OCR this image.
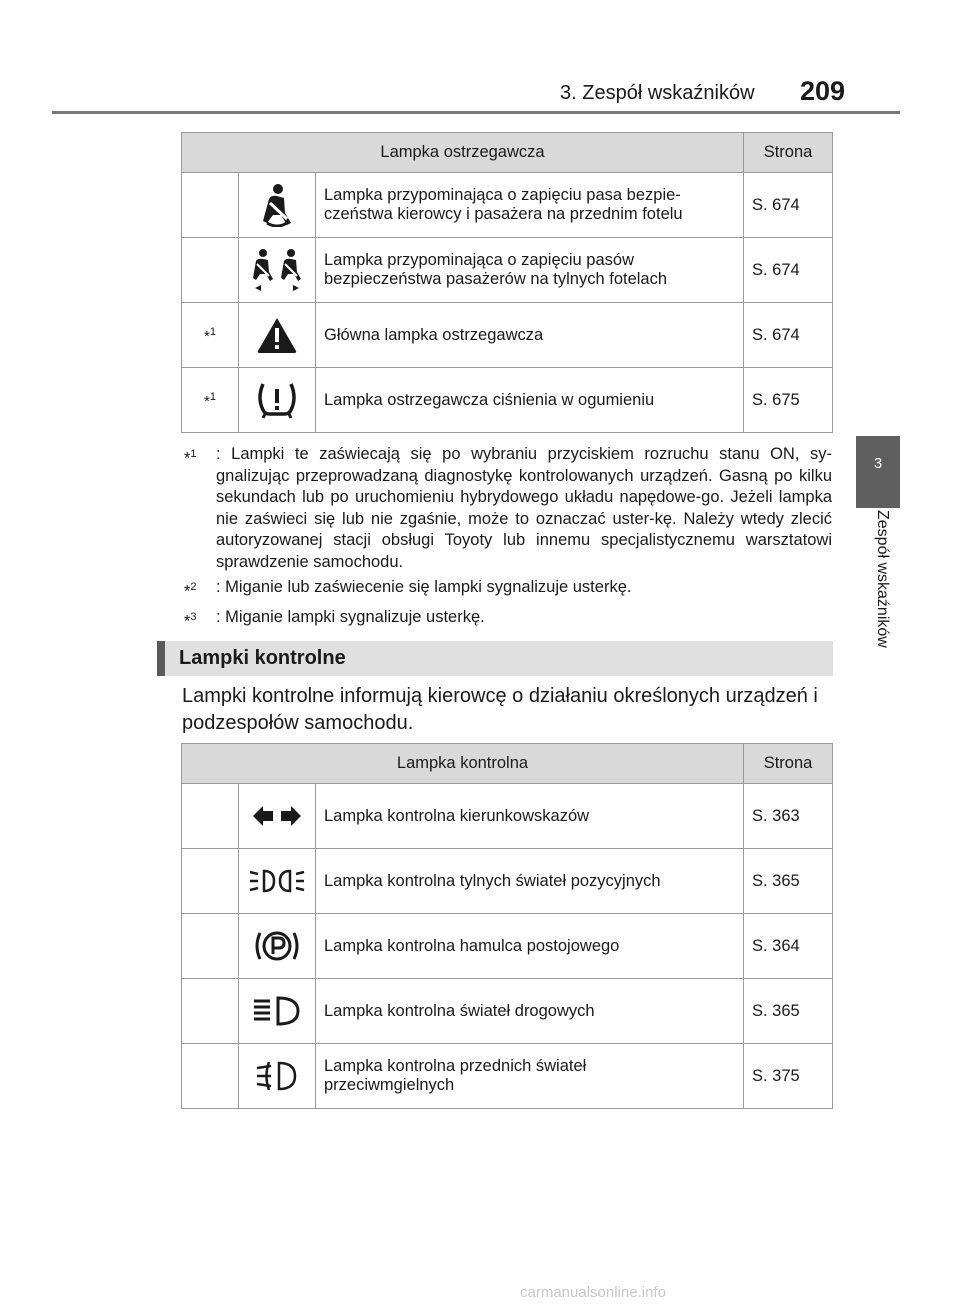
3. Zespół wskaźników 209
3
Zespół wskaźników
Lampka ostrzegawcza			Strona

Lampka przypominająca o zapięciu pasa bezpie-
czeństwa kierowcy i pasażera na przednim fotelu	S. 674

Lampka przypominająca o zapięciu pasów
bezpieczeństwa pasażerów na tylnych fotelach	S. 674
*$^1$		Główna lampka ostrzegawcza	S. 674
*$^1$		Lampka ostrzegawcza ciśnienia w ogumieniu	S. 675
*$^1$	: Lampki te zaświecają się po wybraniu przyciskiem rozruchu stanu ON, sy-gnalizując przeprowadzaną diagnostykę kontrolowanych urządzeń. Gasną po kilku sekundach lub po uruchomieniu hybrydowego układu napędowe-go. Jeżeli lampka nie zaświeci się lub nie zgaśnie, może to oznaczać uster-kę. Należy wtedy zlecić autoryzowanej stacji obsługi Toyoty lub innemu specjalistycznemu warsztatowi sprawdzenie samochodu.
*$^2$	: Miganie lub zaświecenie się lampki sygnalizuje usterkę.
*$^3$	: Miganie lampki sygnalizuje usterkę.
Lampki kontrolne
Lampki kontrolne informują kierowcę o działaniu określonych urządzeń i podzespołów samochodu.
Lampka kontrolna			Strona

Lampka kontrolna kierunkowskazów	S. 363

Lampka kontrolna tylnych świateł pozycyjnych	S. 365

Lampka kontrolna hamulca postojowego	S. 364

Lampka kontrolna świateł drogowych	S. 365

Lampka kontrolna przednich świateł
przeciwmgielnych	S. 375
carmanualsonline.info
